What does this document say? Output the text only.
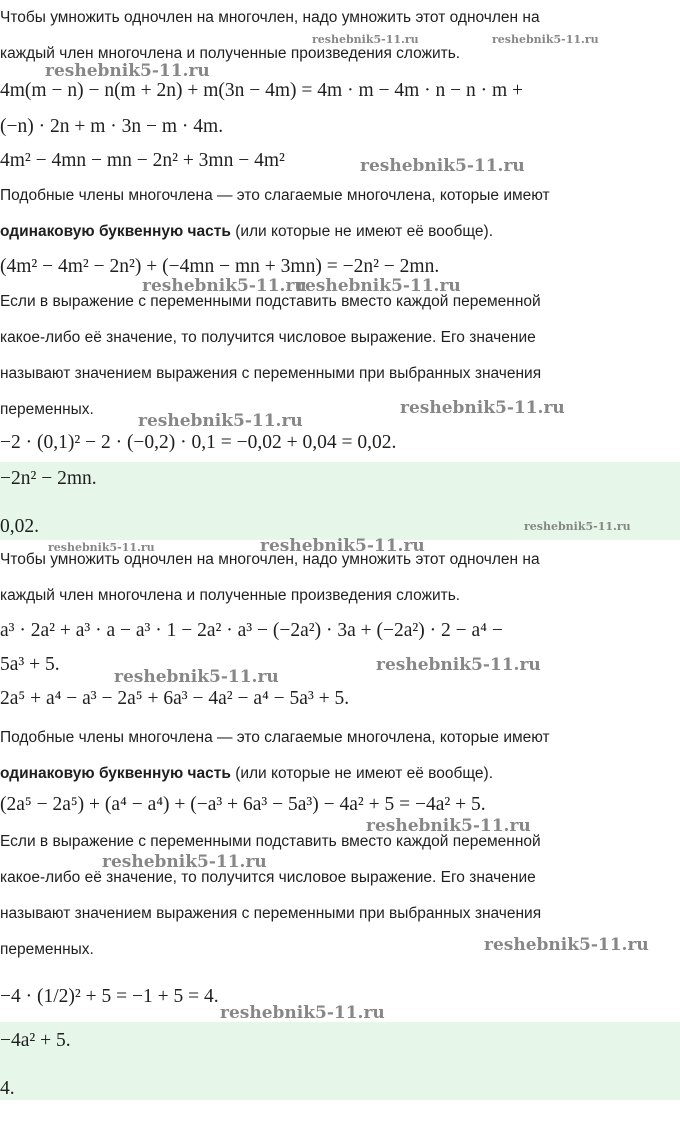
Чтобы умножить одночлен на многочлен, надо умножить этот одночлен на
каждый член многочлена и полученные произведения сложить.
4m(m − n) − n(m + 2n) + m(3n − 4m) = 4m · m − 4m · n − n · m +
(−n) · 2n + m · 3n − m · 4m.
4m² − 4mn − mn − 2n² + 3mn − 4m²
Подобные члены многочлена — это слагаемые многочлена, которые имеют
одинаковую буквенную часть (или которые не имеют её вообще).
(4m² − 4m² − 2n²) + (−4mn − mn + 3mn) = −2n² − 2mn.
Если в выражение с переменными подставить вместо каждой переменной
какое-либо её значение, то получится числовое выражение. Его значение
называют значением выражения с переменными при выбранных значения
переменных.
−2 · (0,1)² − 2 · (−0,2) · 0,1 = −0,02 + 0,04 = 0,02.
−2n² − 2mn.
0,02.
Чтобы умножить одночлен на многочлен, надо умножить этот одночлен на
каждый член многочлена и полученные произведения сложить.
a³ · 2a² + a³ · a − a³ · 1 − 2a² · a³ − (−2a²) · 3a + (−2a²) · 2 − a⁴ −
5a³ + 5.
2a⁵ + a⁴ − a³ − 2a⁵ + 6a³ − 4a² − a⁴ − 5a³ + 5.
Подобные члены многочлена — это слагаемые многочлена, которые имеют
одинаковую буквенную часть (или которые не имеют её вообще).
(2a⁵ − 2a⁵) + (a⁴ − a⁴) + (−a³ + 6a³ − 5a³) − 4a² + 5 = −4a² + 5.
Если в выражение с переменными подставить вместо каждой переменной
какое-либо её значение, то получится числовое выражение. Его значение
называют значением выражения с переменными при выбранных значения
переменных.
−4 · (1/2)² + 5 = −1 + 5 = 4.
−4a² + 5.
4.
reshebnik5-11.ru	reshebnik5-11.ru
reshebnik5-11.ru
reshebnik5-11.ru
reshebnik5-11.ru
reshebnik5-11.ru
reshebnik5-11.ru
reshebnik5-11.ru
reshebnik5-11.ru
reshebnik5-11.ru	reshebnik5-11.ru
reshebnik5-11.ru
reshebnik5-11.ru
reshebnik5-11.ru
reshebnik5-11.ru
reshebnik5-11.ru
reshebnik5-11.ru
